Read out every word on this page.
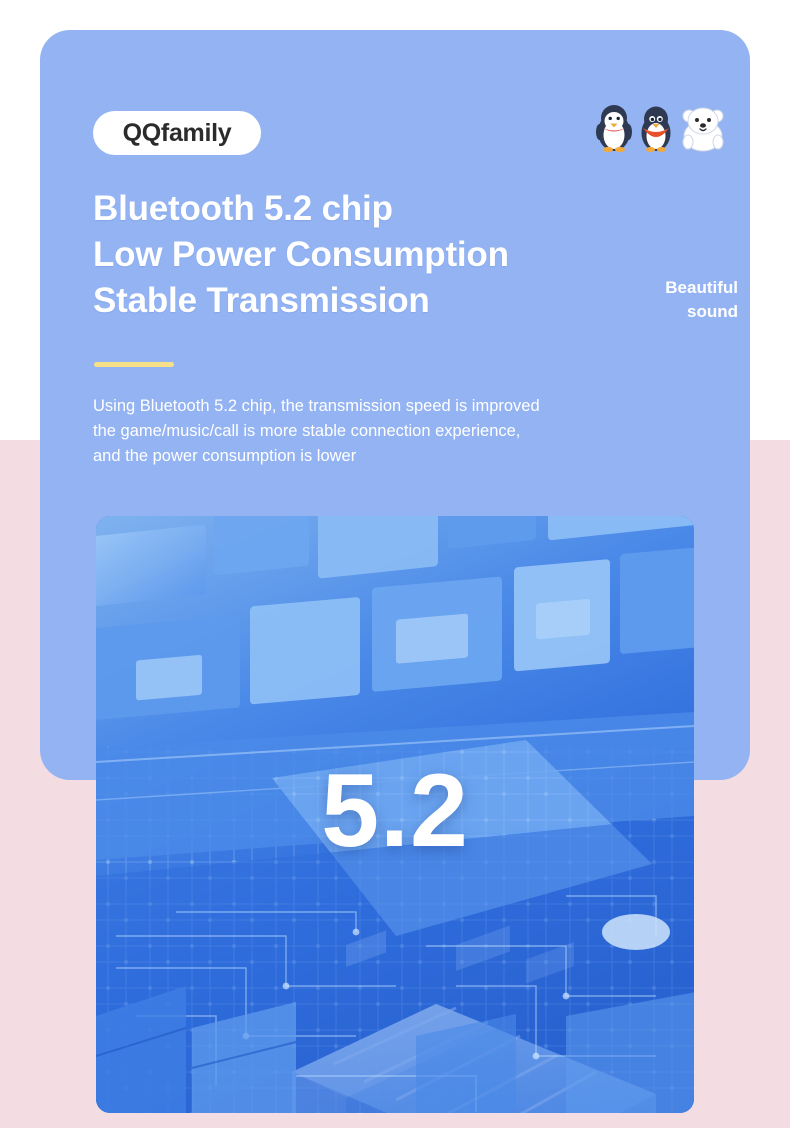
QQfamily
Bluetooth 5.2 chip
Low Power Consumption
Stable Transmission	Beautiful
sound
Using Bluetooth 5.2 chip, the transmission speed is improved
the game/music/call is more stable connection experience,
and the power consumption is lower
5.2
